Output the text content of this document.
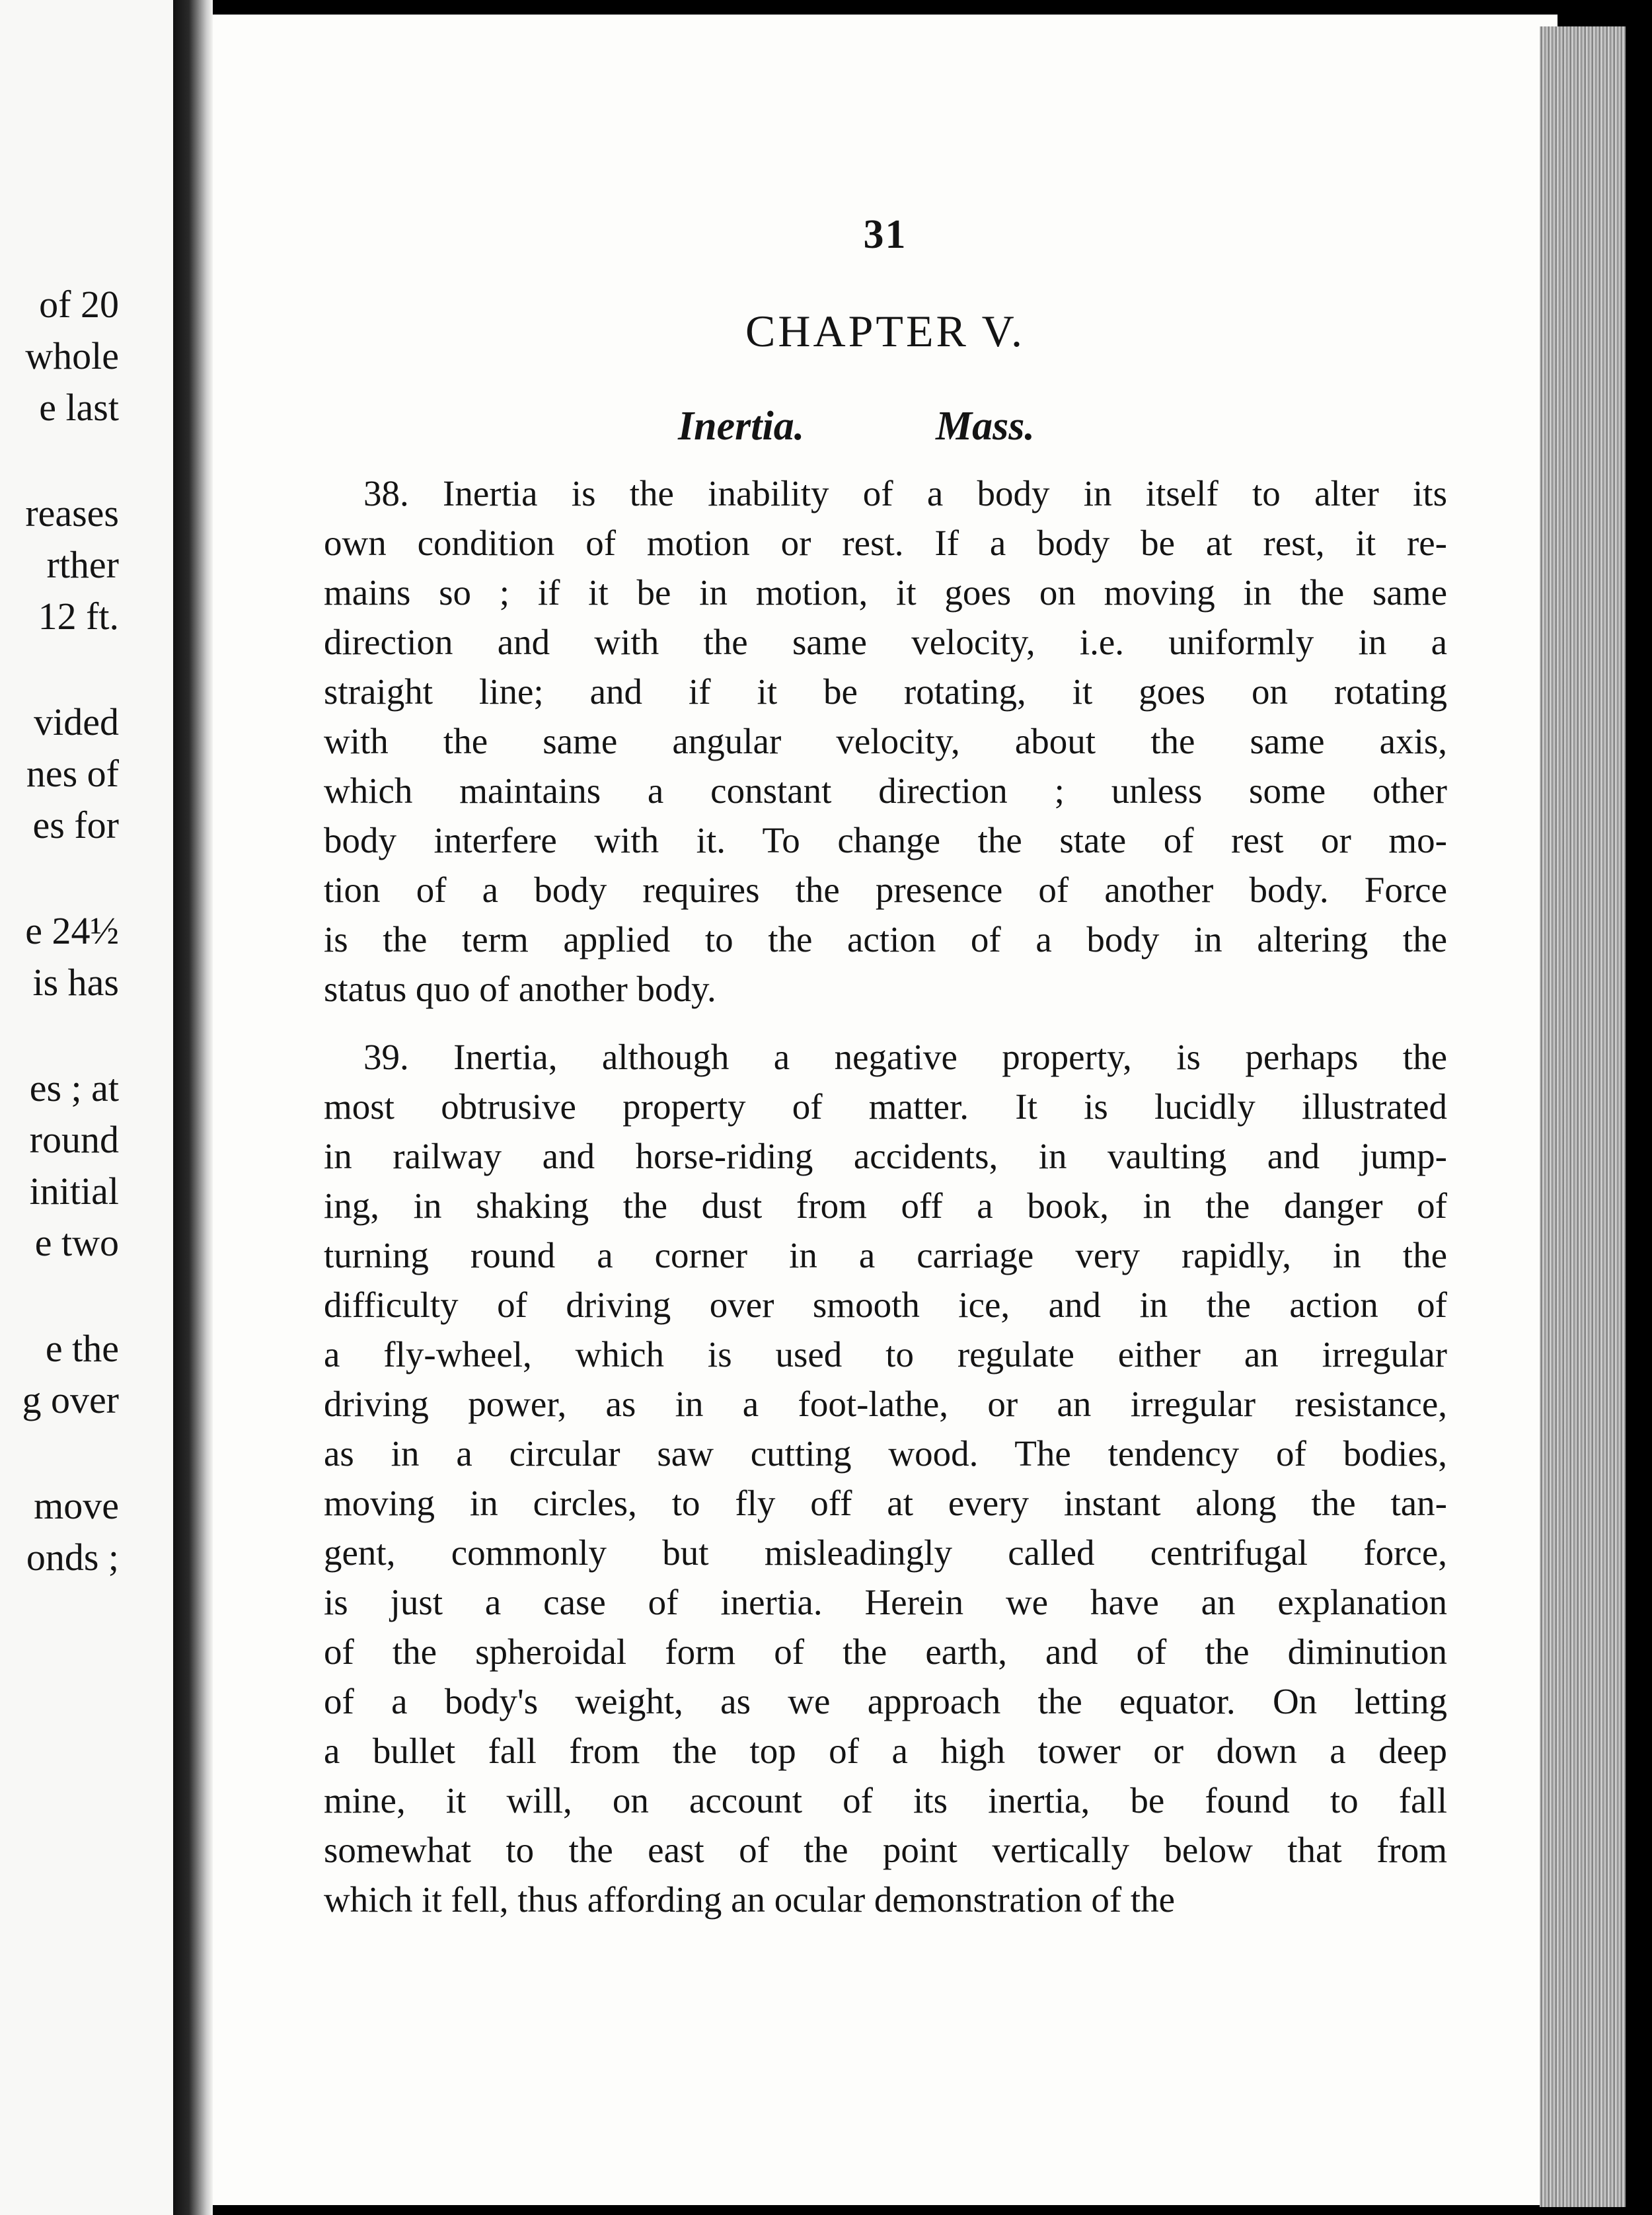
of 20
whole
e last
reases
rther
12 ft.
vided
nes of
es for
e 24½
is has
es ; at
round
initial
e two
e the
g over
move
onds ;
31
CHAPTER V.
Inertia.	Mass.
38. Inertia is the inability of a body in itself to alter its
own condition of motion or rest. If a body be at rest, it re-
mains so ; if it be in motion, it goes on moving in the same
direction and with the same velocity, i.e. uniformly in a
straight line; and if it be rotating, it goes on rotating
with the same angular velocity, about the same axis,
which maintains a constant direction ; unless some other
body interfere with it. To change the state of rest or mo-
tion of a body requires the presence of another body. Force
is the term applied to the action of a body in altering the
status quo of another body.
39. Inertia, although a negative property, is perhaps the
most obtrusive property of matter. It is lucidly illustrated
in railway and horse-riding accidents, in vaulting and jump-
ing, in shaking the dust from off a book, in the danger of
turning round a corner in a carriage very rapidly, in the
difficulty of driving over smooth ice, and in the action of
a fly-wheel, which is used to regulate either an irregular
driving power, as in a foot-lathe, or an irregular resistance,
as in a circular saw cutting wood. The tendency of bodies,
moving in circles, to fly off at every instant along the tan-
gent, commonly but misleadingly called centrifugal force,
is just a case of inertia. Herein we have an explanation
of the spheroidal form of the earth, and of the diminution
of a body's weight, as we approach the equator. On letting
a bullet fall from the top of a high tower or down a deep
mine, it will, on account of its inertia, be found to fall
somewhat to the east of the point vertically below that from
which it fell, thus affording an ocular demonstration of the
